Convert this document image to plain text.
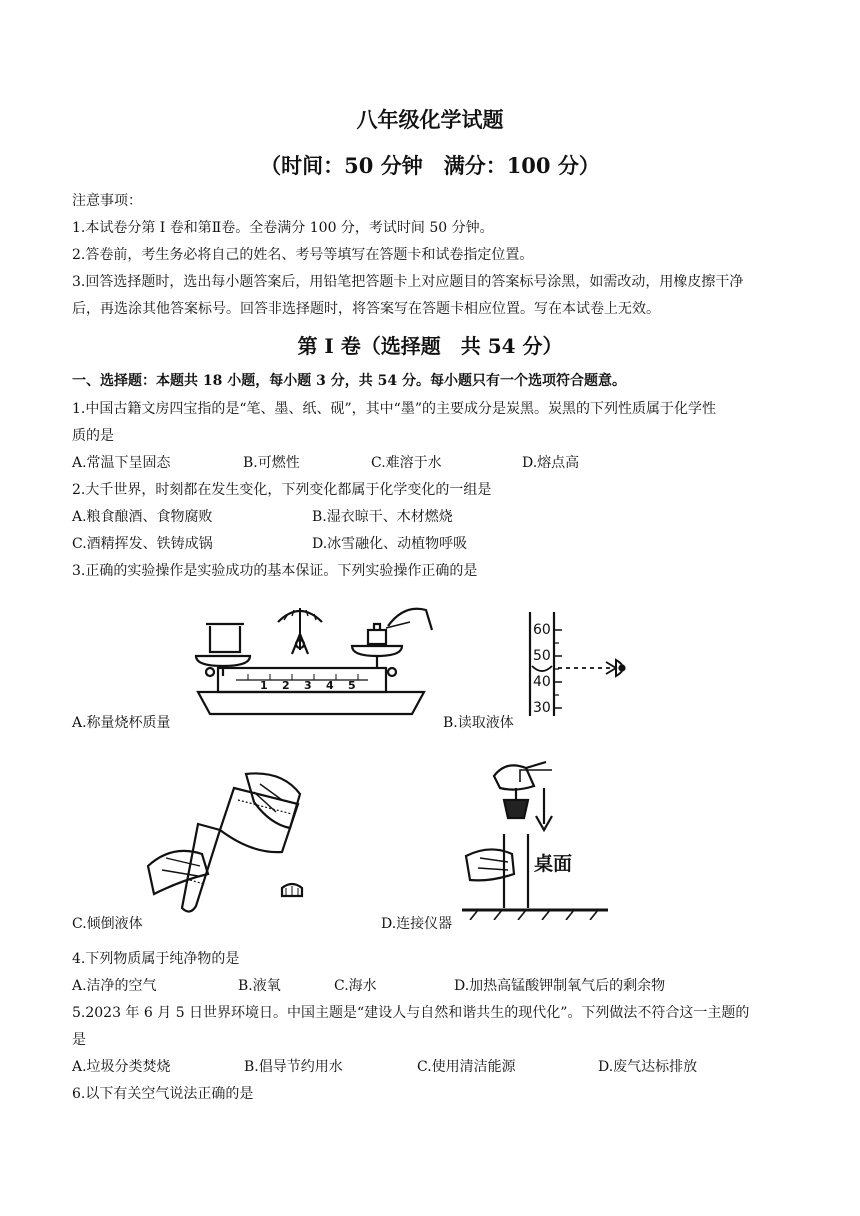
八年级化学试题
（时间：50 分钟　满分：100 分）
注意事项：
1.本试卷分第 I 卷和第Ⅱ卷。全卷满分 100 分，考试时间 50 分钟。
2.答卷前，考生务必将自己的姓名、考号等填写在答题卡和试卷指定位置。
3.回答选择题时，选出每小题答案后，用铅笔把答题卡上对应题目的答案标号涂黑，如需改动，用橡皮擦干净
后，再选涂其他答案标号。回答非选择题时，将答案写在答题卡相应位置。写在本试卷上无效。
第 I 卷（选择题　共 54 分）
一、选择题：本题共 18 小题，每小题 3 分，共 54 分。每小题只有一个选项符合题意。
1.中国古籍文房四宝指的是“笔、墨、纸、砚”，其中“墨”的主要成分是炭黑。炭黑的下列性质属于化学性
质的是
A.常温下呈固态	B.可燃性	C.难溶于水	D.熔点高
2.大千世界，时刻都在发生变化，下列变化都属于化学变化的一组是
A.粮食酿酒、食物腐败	B.湿衣晾干、木材燃烧
C.酒精挥发、铁铸成锅	D.冰雪融化、动植物呼吸
3.正确的实验操作是实验成功的基本保证。下列实验操作正确的是
1 2 3 4 5
A.称量烧杯质量
60
50
40
30
B.读取液体
C.倾倒液体
桌面
D.连接仪器
4.下列物质属于纯净物的是
A.洁净的空气	B.液氧	C.海水	D.加热高锰酸钾制氧气后的剩余物
5.2023 年 6 月 5 日世界环境日。中国主题是“建设人与自然和谐共生的现代化”。下列做法不符合这一主题的
是
A.垃圾分类焚烧	B.倡导节约用水	C.使用清洁能源	D.废气达标排放
6.以下有关空气说法正确的是
